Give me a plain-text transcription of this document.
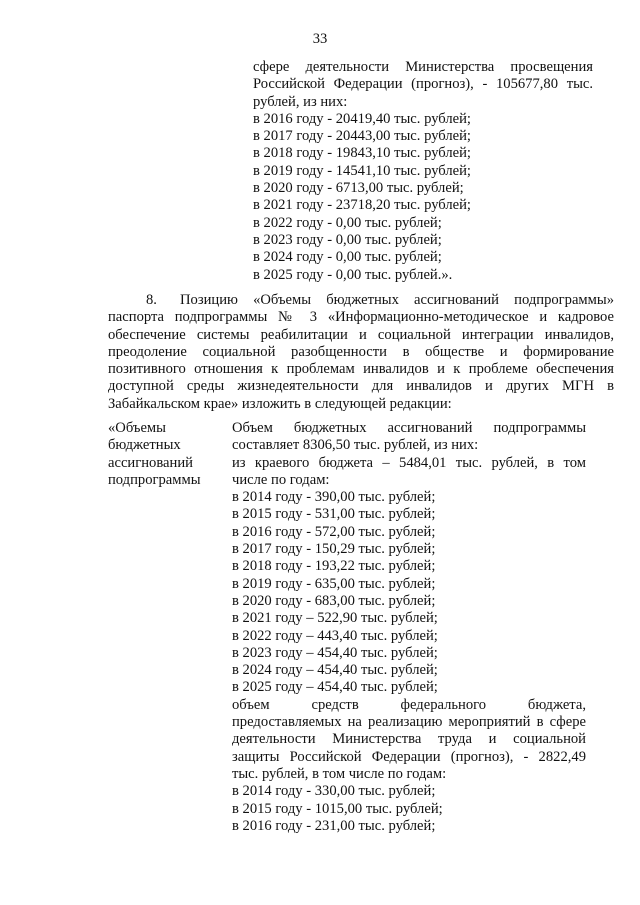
33
сфере деятельности Министерства просвещения
Российской Федерации (прогноз), - 105677,80 тыс.
рублей, из них:
в 2016 году - 20419,40 тыс. рублей;
в 2017 году - 20443,00 тыс. рублей;
в 2018 году - 19843,10 тыс. рублей;
в 2019 году - 14541,10 тыс. рублей;
в 2020 году - 6713,00 тыс. рублей;
в 2021 году - 23718,20 тыс. рублей;
в 2022 году - 0,00 тыс. рублей;
в 2023 году - 0,00 тыс. рублей;
в 2024 году - 0,00 тыс. рублей;
в 2025 году - 0,00 тыс. рублей.».
8. Позицию «Объемы бюджетных ассигнований подпрограммы»
паспорта подпрограммы № 3 «Информационно-методическое и кадровое
обеспечение системы реабилитации и социальной интеграции инвалидов,
преодоление социальной разобщенности в обществе и формирование
позитивного отношения к проблемам инвалидов и к проблеме обеспечения
доступной среды жизнедеятельности для инвалидов и других МГН в
Забайкальском крае» изложить в следующей редакции:
«Объемы
бюджетных
ассигнований
подпрограммы
Объем бюджетных ассигнований подпрограммы
составляет 8306,50 тыс. рублей, из них:
из краевого бюджета – 5484,01 тыс. рублей, в том
числе по годам:
в 2014 году - 390,00 тыс. рублей;
в 2015 году - 531,00 тыс. рублей;
в 2016 году - 572,00 тыс. рублей;
в 2017 году - 150,29 тыс. рублей;
в 2018 году - 193,22 тыс. рублей;
в 2019 году - 635,00 тыс. рублей;
в 2020 году - 683,00 тыс. рублей;
в 2021 году – 522,90 тыс. рублей;
в 2022 году – 443,40 тыс. рублей;
в 2023 году – 454,40 тыс. рублей;
в 2024 году – 454,40 тыс. рублей;
в 2025 году – 454,40 тыс. рублей;
объем средств федерального бюджета,
предоставляемых на реализацию мероприятий в сфере
деятельности Министерства труда и социальной
защиты Российской Федерации (прогноз), - 2822,49
тыс. рублей, в том числе по годам:
в 2014 году - 330,00 тыс. рублей;
в 2015 году - 1015,00 тыс. рублей;
в 2016 году - 231,00 тыс. рублей;
